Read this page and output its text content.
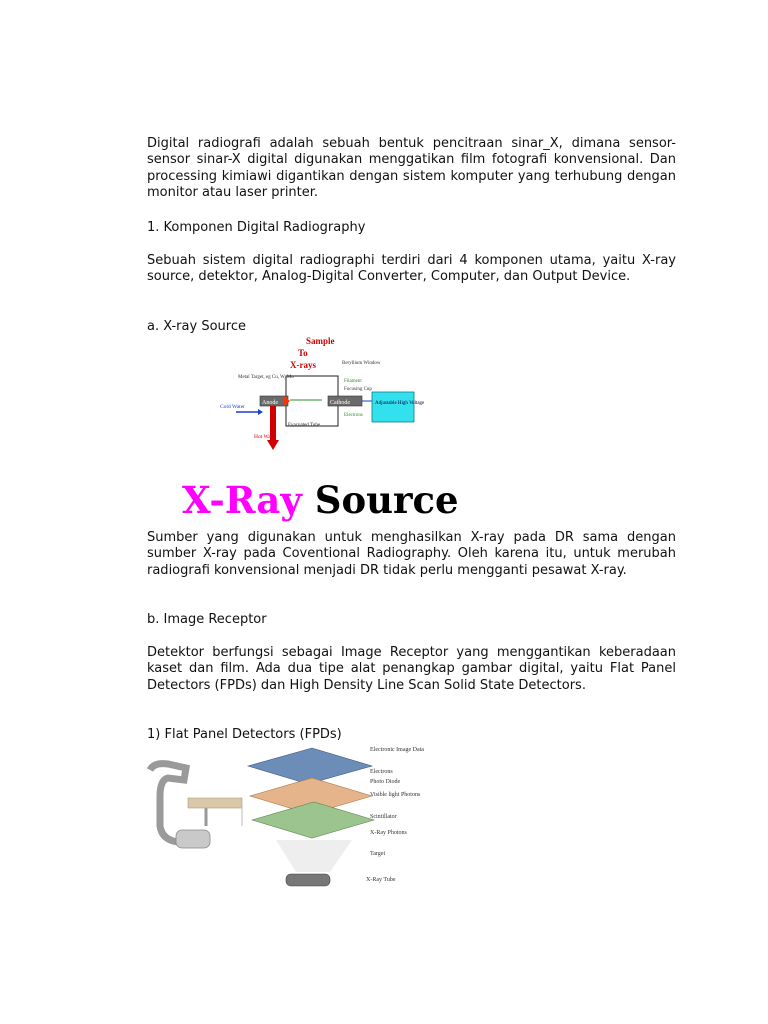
Digital radiografi adalah sebuah bentuk pencitraan sinar_X, dimana sensor-sensor sinar-X digital digunakan menggatikan film fotografi konvensional. Dan processing kimiawi digantikan dengan sistem komputer yang terhubung dengan monitor atau laser printer.

1. Komponen Digital Radiography

Sebuah sistem digital radiographi terdiri dari 4 komponen utama, yaitu X-ray source, detektor, Analog-Digital Converter, Computer, dan Output Device.

a. X-ray Source

Sample
To
X-rays	Beryllium Window
Metal Target, eg Cu, W, Mo
Filament
Focusing Cup
Electrons
Anode	Cathode
Evacuated Tube
Cold Water
Hot Water
Adjustable High Voltage
X-Ray Source

Sumber yang digunakan untuk menghasilkan X-ray pada DR sama dengan sumber X-ray pada Coventional Radiography. Oleh karena itu, untuk merubah radiografi konvensional menjadi DR tidak perlu mengganti pesawat X-ray.

b. Image Receptor

Detektor berfungsi sebagai Image Receptor yang menggantikan keberadaan kaset dan film. Ada dua tipe alat penangkap gambar digital, yaitu Flat Panel Detectors (FPDs) dan High Density Line Scan Solid State Detectors.

1) Flat Panel Detectors (FPDs)

Electronic Image Data
Electrons
Photo Diode
Visible light Photons
Scintillator
X-Ray Photons
Target
X-Ray Tube
